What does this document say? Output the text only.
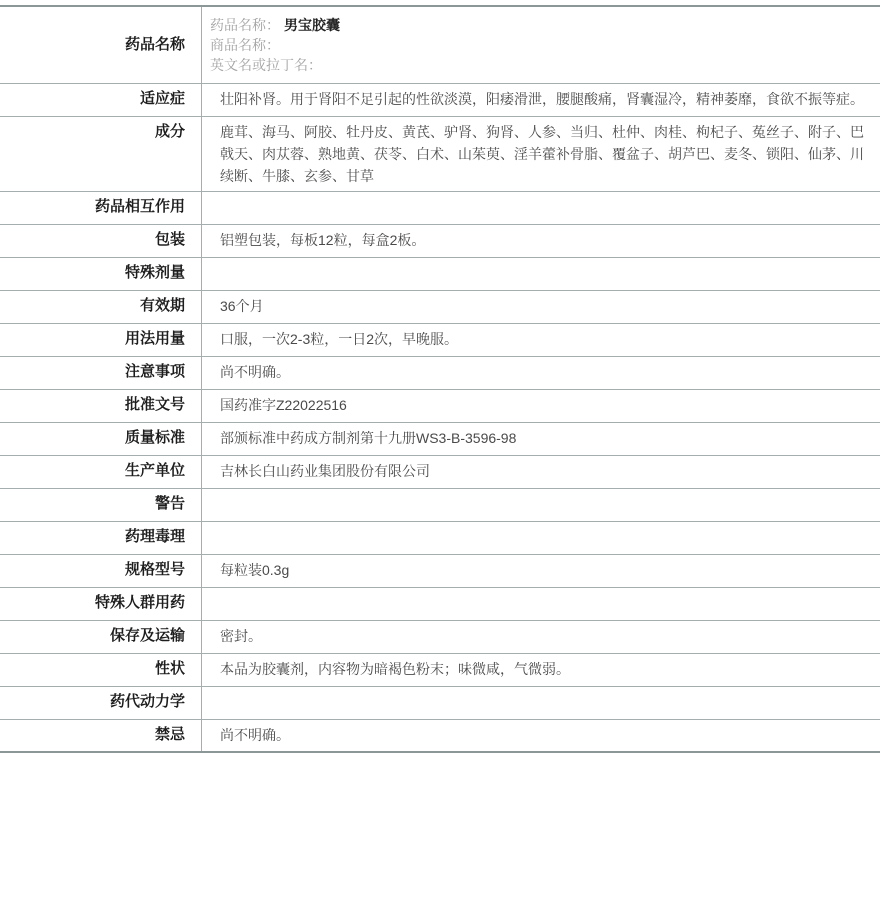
药品名称
药品名称： 男宝胶囊
商品名称：
英文名或拉丁名：
适应症	壮阳补肾。用于肾阳不足引起的性欲淡漠，阳痿滑泄，腰腿酸痛，肾囊湿冷，精神萎靡，食欲不振等症。
成分	鹿茸、海马、阿胶、牡丹皮、黄芪、驴肾、狗肾、人参、当归、杜仲、肉桂、枸杞子、菟丝子、附子、巴戟天、肉苁蓉、熟地黄、茯苓、白术、山茱萸、淫羊藿补骨脂、覆盆子、胡芦巴、麦冬、锁阳、仙茅、川续断、牛膝、玄参、甘草
药品相互作用
包装	铝塑包装，每板12粒，每盒2板。
特殊剂量
有效期	36个月
用法用量	口服，一次2-3粒，一日2次，早晚服。
注意事项	尚不明确。
批准文号	国药准字Z22022516
质量标准	部颁标准中药成方制剂第十九册WS3-B-3596-98
生产单位	吉林长白山药业集团股份有限公司
警告
药理毒理
规格型号	每粒装0.3g
特殊人群用药
保存及运输	密封。
性状	本品为胶囊剂，内容物为暗褐色粉末；味微咸，气微弱。
药代动力学
禁忌	尚不明确。
